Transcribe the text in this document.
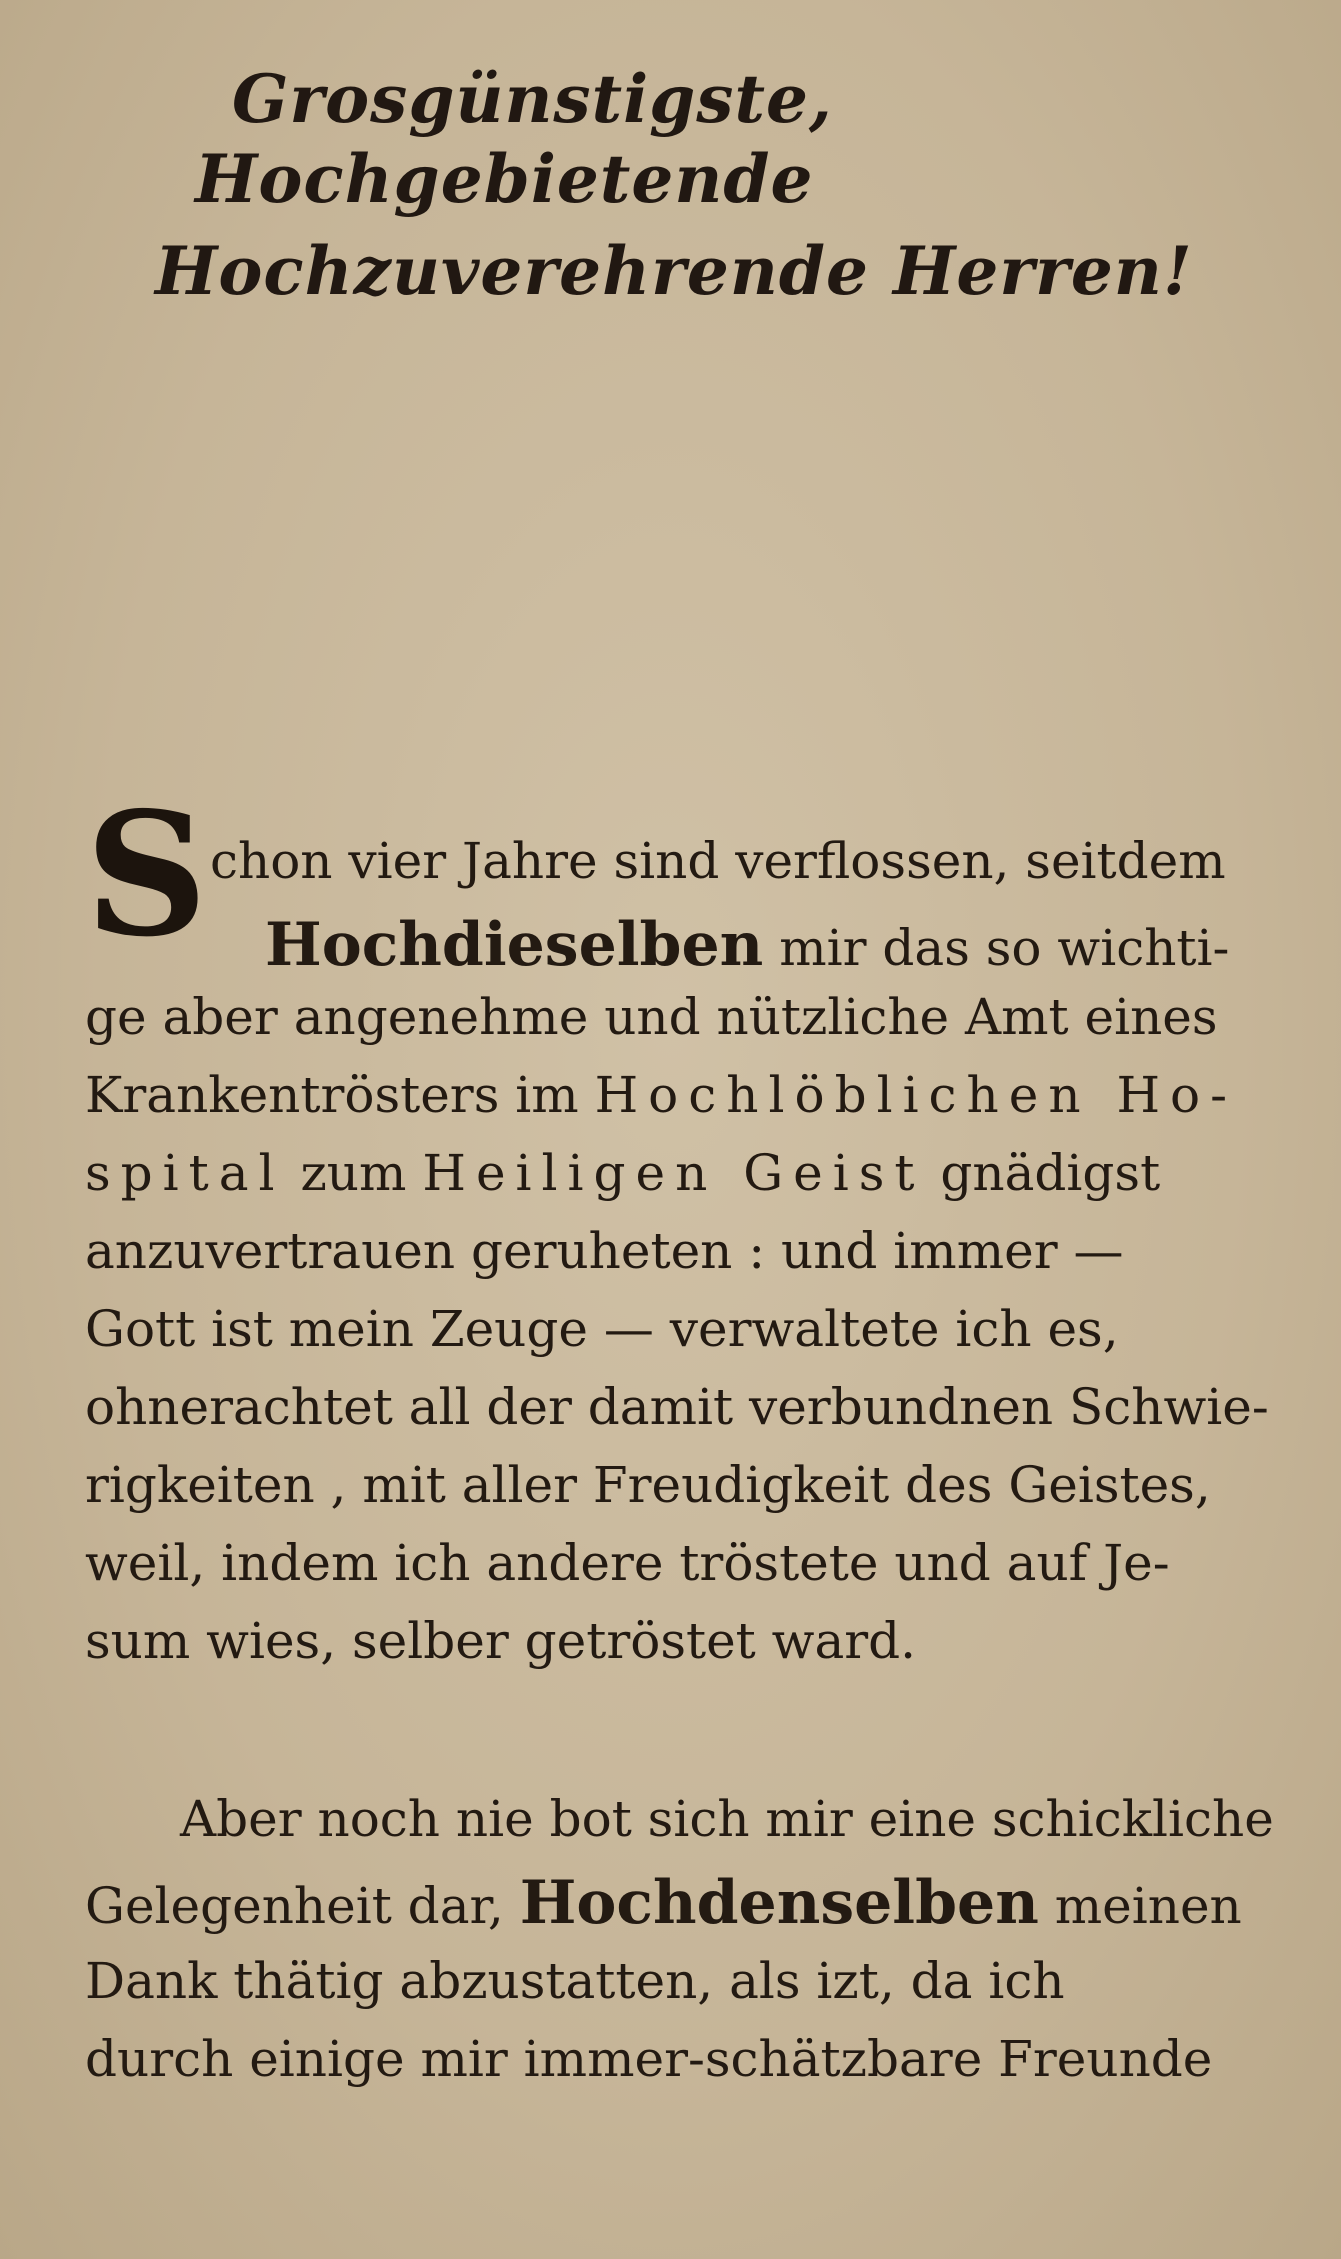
Grosgünstigste,
Hochgebietende
Hochzuverehrende Herren!
S chon vier Jahre sind verflossen, seitdem
Hochdieselben mir das so wichti-
ge aber angenehme und nützliche Amt eines
Krankentrösters im Hochlöblichen Ho-
spital zum Heiligen Geist gnädigst
anzuvertrauen geruheten : und immer —
Gott ist mein Zeuge — verwaltete ich es,
ohnerachtet all der damit verbundnen Schwie-
rigkeiten , mit aller Freudigkeit des Geistes,
weil, indem ich andere tröstete und auf Je-
sum wies, selber getröstet ward.
Aber noch nie bot sich mir eine schickliche
Gelegenheit dar, Hochdenselben meinen
Dank thätig abzustatten, als izt, da ich
durch einige mir immer-schätzbare Freunde
